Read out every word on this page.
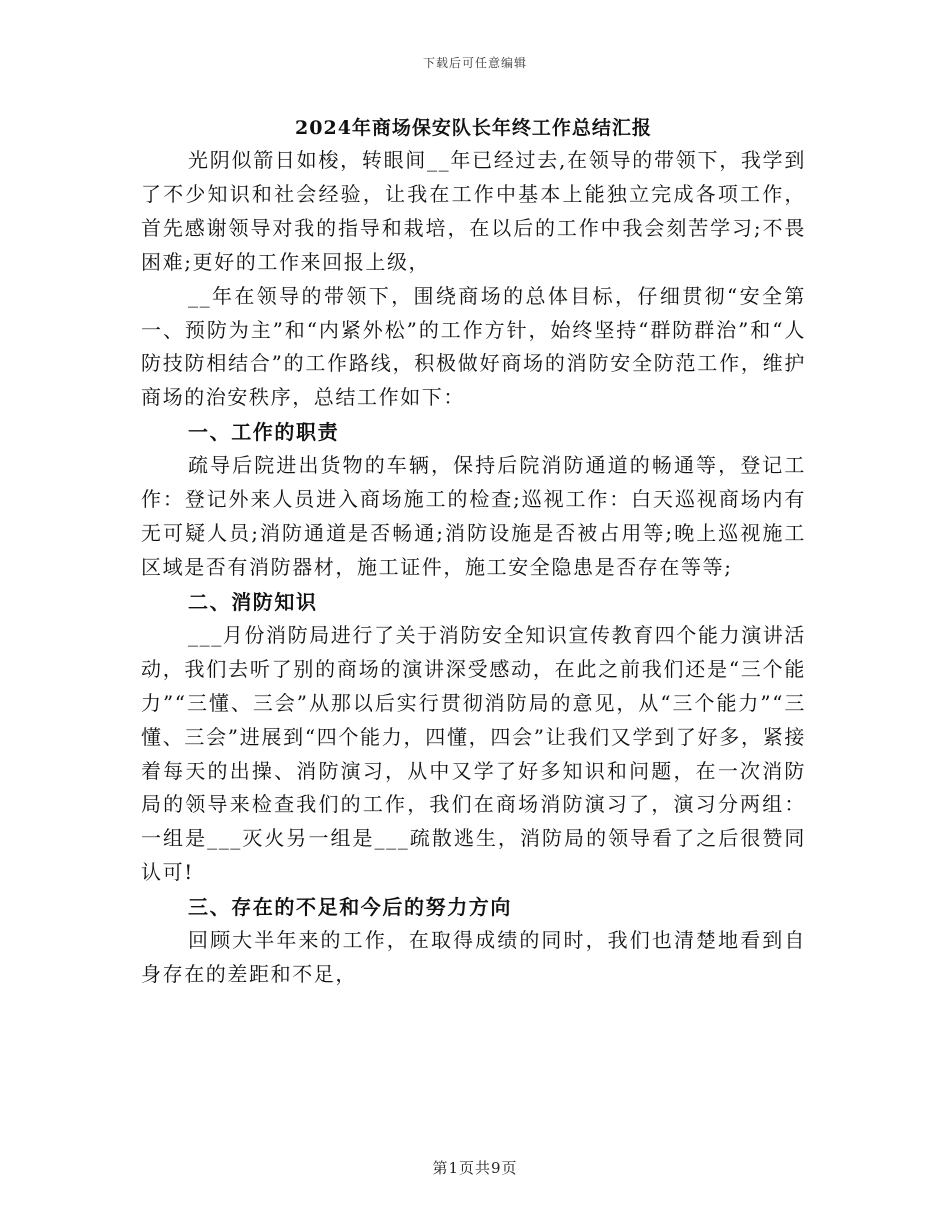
下载后可任意编辑
2024年商场保安队长年终工作总结汇报

光阴似箭日如梭，转眼间__年已经过去,在领导的带领下，我学到了不少知识和社会经验，让我在工作中基本上能独立完成各项工作，首先感谢领导对我的指导和栽培，在以后的工作中我会刻苦学习;不畏困难;更好的工作来回报上级，

__年在领导的带领下，围绕商场的总体目标，仔细贯彻“安全第一、预防为主”和“内紧外松”的工作方针，始终坚持“群防群治”和“人防技防相结合”的工作路线，积极做好商场的消防安全防范工作，维护商场的治安秩序，总结工作如下：

一、工作的职责

疏导后院进出货物的车辆，保持后院消防通道的畅通等，登记工作：登记外来人员进入商场施工的检查;巡视工作：白天巡视商场内有无可疑人员;消防通道是否畅通;消防设施是否被占用等;晚上巡视施工区域是否有消防器材，施工证件，施工安全隐患是否存在等等;

二、消防知识

___月份消防局进行了关于消防安全知识宣传教育四个能力演讲活动，我们去听了别的商场的演讲深受感动，在此之前我们还是“三个能力”“三懂、三会”从那以后实行贯彻消防局的意见，从“三个能力”“三懂、三会”进展到“四个能力，四懂，四会”让我们又学到了好多，紧接着每天的出操、消防演习，从中又学了好多知识和问题，在一次消防局的领导来检查我们的工作，我们在商场消防演习了，演习分两组：一组是___灭火另一组是___疏散逃生，消防局的领导看了之后很赞同认可!

三、存在的不足和今后的努力方向

回顾大半年来的工作，在取得成绩的同时，我们也清楚地看到自身存在的差距和不足，

第1页共9页
